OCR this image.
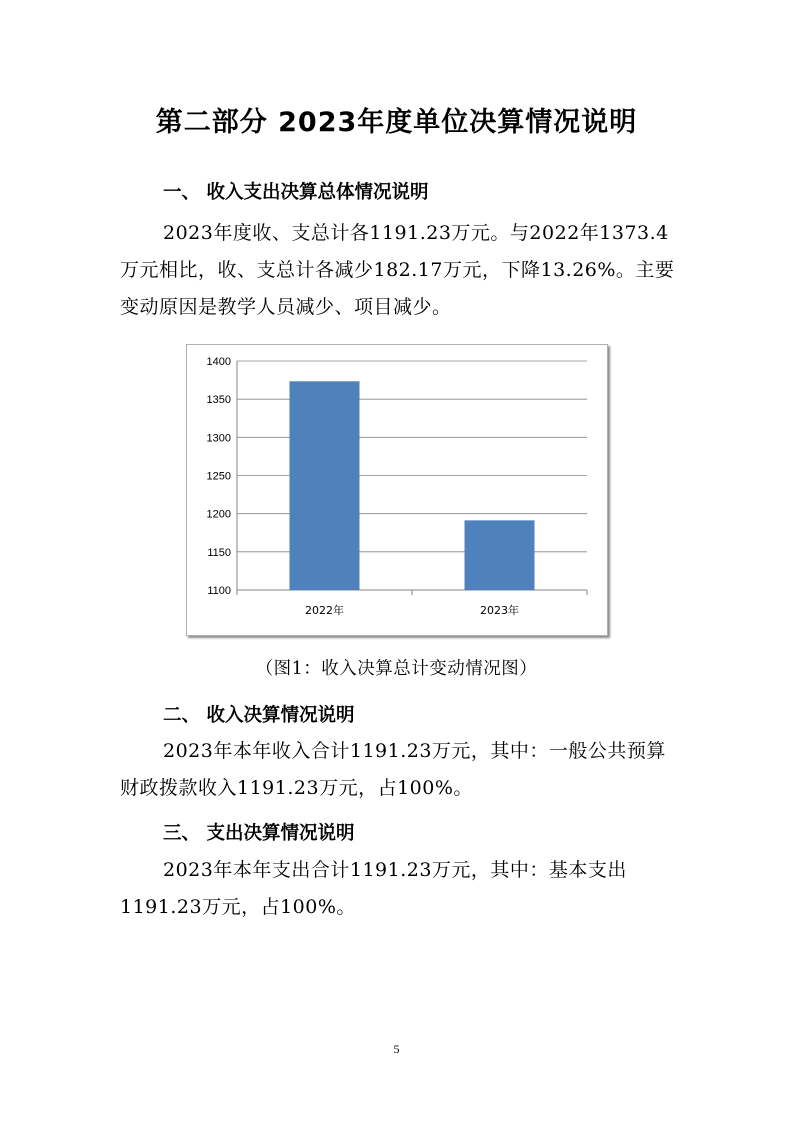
第二部分 2023年度单位决算情况说明
一、 收入支出决算总体情况说明
2023年度收、支总计各1191.23万元。与2022年1373.4万元相比，收、支总计各减少182.17万元，下降13.26%。主要变动原因是教学人员减少、项目减少。
1100
1150
1200
1250
1300
1350
1400
2022年	2023年
（图1：收入决算总计变动情况图）
二、 收入决算情况说明
2023年本年收入合计1191.23万元，其中：一般公共预算财政拨款收入1191.23万元，占100%。
三、 支出决算情况说明
2023年本年支出合计1191.23万元，其中：基本支出1191.23万元，占100%。
5
